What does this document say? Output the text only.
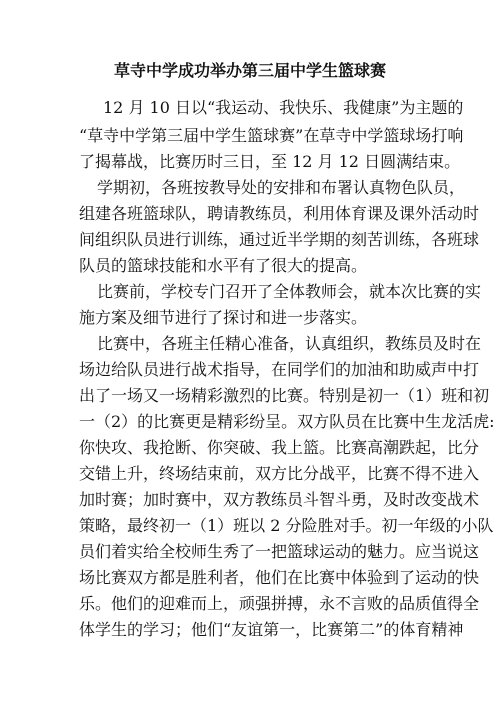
草寺中学成功举办第三届中学生篮球赛
12 月 10 日以“我运动、我快乐、我健康”为主题的
“草寺中学第三届中学生篮球赛”在草寺中学篮球场打响
了揭幕战，比赛历时三日，至 12 月 12 日圆满结束。
学期初，各班按教导处的安排和布署认真物色队员，
组建各班篮球队，聘请教练员，利用体育课及课外活动时
间组织队员进行训练，通过近半学期的刻苦训练，各班球
队员的篮球技能和水平有了很大的提高。
比赛前，学校专门召开了全体教师会，就本次比赛的实
施方案及细节进行了探讨和进一步落实。
比赛中，各班主任精心准备，认真组织，教练员及时在
场边给队员进行战术指导，在同学们的加油和助威声中打
出了一场又一场精彩激烈的比赛。特别是初一（1）班和初
一（2）的比赛更是精彩纷呈。双方队员在比赛中生龙活虎:
你快攻、我抢断、你突破、我上篮。比赛高潮跌起，比分
交错上升，终场结束前，双方比分战平，比赛不得不进入
加时赛；加时赛中，双方教练员斗智斗勇，及时改变战术
策略，最终初一（1）班以 2 分险胜对手。初一年级的小队
员们着实给全校师生秀了一把篮球运动的魅力。应当说这
场比赛双方都是胜利者，他们在比赛中体验到了运动的快
乐。他们的迎难而上，顽强拼搏，永不言败的品质值得全
体学生的学习；他们“友谊第一，比赛第二”的体育精神
